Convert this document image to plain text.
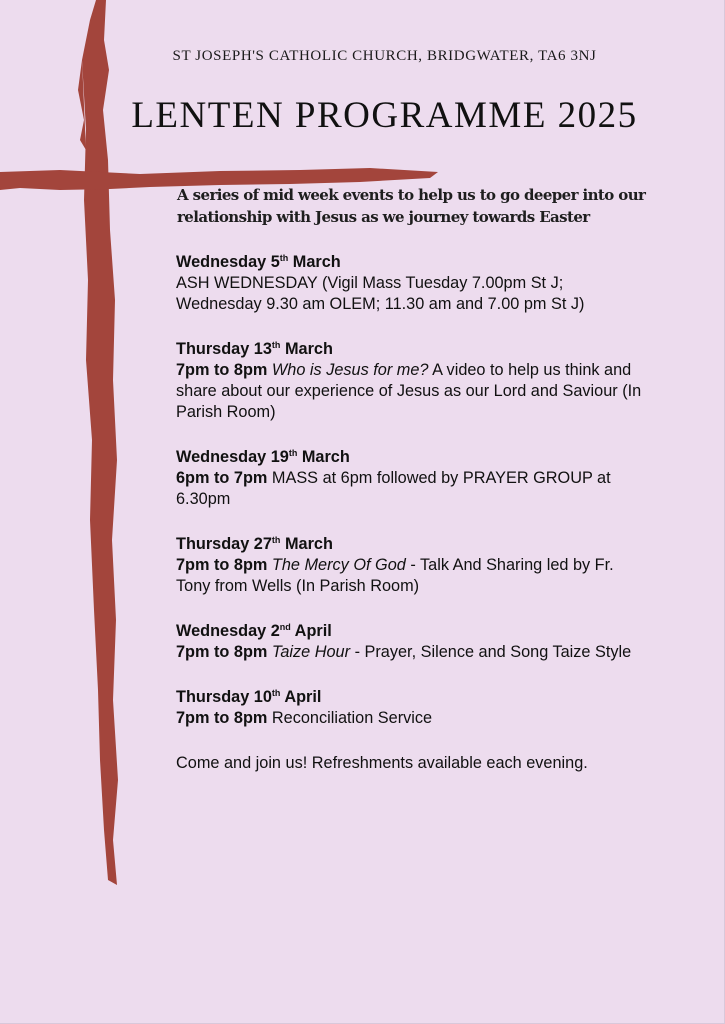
ST JOSEPH'S CATHOLIC CHURCH, BRIDGWATER, TA6 3NJ
LENTEN PROGRAMME 2025
A series of mid week events to help us to go deeper into our relationship with Jesus as we journey towards Easter
Wednesday 5th March
ASH WEDNESDAY (Vigil Mass Tuesday 7.00pm St J; Wednesday 9.30 am OLEM; 11.30 am and 7.00 pm St J)
Thursday 13th March
7pm to 8pm Who is Jesus for me? A video to help us think and share about our experience of Jesus as our Lord and Saviour (In Parish Room)
Wednesday 19th March
6pm to 7pm MASS at 6pm followed by PRAYER GROUP at 6.30pm
Thursday 27th March
7pm to 8pm The Mercy Of God - Talk And Sharing led by Fr. Tony from Wells (In Parish Room)
Wednesday 2nd April
7pm to 8pm Taize Hour - Prayer, Silence and Song Taize Style
Thursday 10th April
7pm to 8pm Reconciliation Service
Come and join us! Refreshments available each evening.
